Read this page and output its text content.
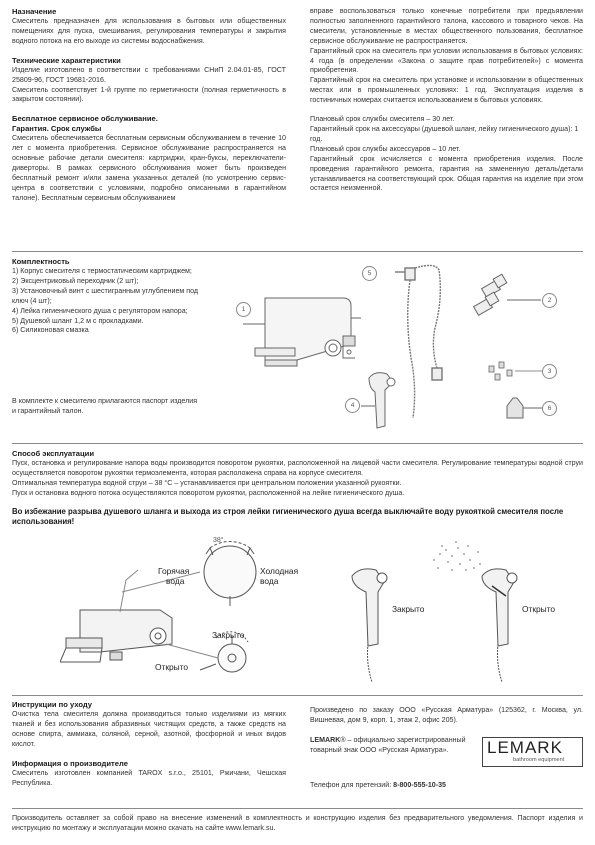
Назначение

Смеситель предназначен для использования в бытовых или общественных помещениях для пуска, смешивания, регулирования температуры и закрытия водного потока на его выходе из системы водоснабжения.

Технические характеристики

Изделие изготовлено в соответствии с требованиями СНиП 2.04.01-85, ГОСТ 25809-96, ГОСТ 19681-2016.

Смеситель соответствует 1-й группе по герметичности (полная герметичность в закрытом состоянии).

Бесплатное сервисное обслуживание.

Гарантия. Срок службы

Смеситель обеспечивается бесплатным сервисным обслуживанием в течение 10 лет с момента приобретения. Сервисное обслуживание распространяется на основные рабочие детали смесителя: картриджи, кран-буксы, переключатели-диверторы. В рамках сервисного обслуживания может быть произведен бесплатный ремонт и/или замена указанных деталей (по усмотрению сервис-центра в соответствии с условиями, подробно описанными в гарантийном талоне). Бесплатным сервисным обслуживанием

вправе воспользоваться только конечные потребители при предъявлении полностью заполненного гарантийного талона, кассового и товарного чеков. На смесители, установленные в местах общественного пользования, бесплатное сервисное обслуживание не распространяется.

Гарантийный срок на смеситель при условии использования в бытовых условиях: 4 года (в определении «Закона о защите прав потребителей») с момента приобретения.

Гарантийный срок на смеситель при установке и использовании в общественных местах или в промышленных условиях: 1 год. Эксплуатация изделия в гостиничных номерах считается использованием в бытовых условиях.

Плановый срок службы смесителя – 30 лет.

Гарантийный срок на аксессуары (душевой шланг, лейку гигиенического душа): 1 год.

Плановый срок службы аксессуаров – 10 лет.

Гарантийный срок исчисляется с момента приобретения изделия. После проведения гарантийного ремонта, гарантия на замененную деталь/детали устанавливается на соответствующий срок. Общая гарантия на изделие при этом остается неизменной.

Комплектность

1) Корпус смесителя с термостатическим картриджем;

2) Эксцентриковый переходник (2 шт);

3) Установочный винт с шестигранным углублением под ключ (4 шт);

4) Лейка гигиенического душа с регулятором напора;

5) Душевой шланг 1,2 м с прокладками.

6) Силиконовая смазка

В комплекте к смесителю прилагаются паспорт изделия и гарантийный талон.

1
2
3
4
5
6

Способ эксплуатации

Пуск, остановка и регулирование напора воды производится поворотом рукоятки, расположенной на лицевой части смесителя. Регулирование температуры водной струи осуществляется поворотом рукоятки термоэлемента, которая расположена справа на корпусе смесителя.

Оптимальная температура водной струи – 38 °С – устанавливается при центральном положении указанной рукоятки.

Пуск и остановка водного потока осуществляются поворотом рукоятки, расположенной на лейке гигиенического душа.

Во избежание разрыва душевого шланга и выхода из строя лейки гигиенического душа всегда выключайте воду рукояткой смесителя после использования!

38°
Горячая
вода
Холодная
вода
Закрыто
Открыто
Закрыто	Открыто

Инструкции по уходу

Очистка тела смесителя должна производиться только изделиями из мягких тканей и без использования абразивных чистящих средств, а также средств на основе спирта, аммиака, соляной, серной, азотной, фосфорной и иных видов кислот.

Информация о производителе

Смеситель изготовлен компанией TAROX s.r.o., 25101, Ржичани, Чешская Республика.

Произведено по заказу ООО «Русская Арматура» (125362, г. Москва, ул. Вишневая, дом 9, корп. 1, этаж 2, офис 205).

LEMARK® – официально зарегистрированный товарный знак ООО «Русская Арматура».	LEMARK
bathroom equipment

Телефон для претензий: 8-800-555-10-35

Производитель оставляет за собой право на внесение изменений в комплектность и конструкцию изделия без предварительного уведомления. Паспорт изделия и инструкцию по монтажу и эксплуатации можно скачать на сайте www.lemark.su.
